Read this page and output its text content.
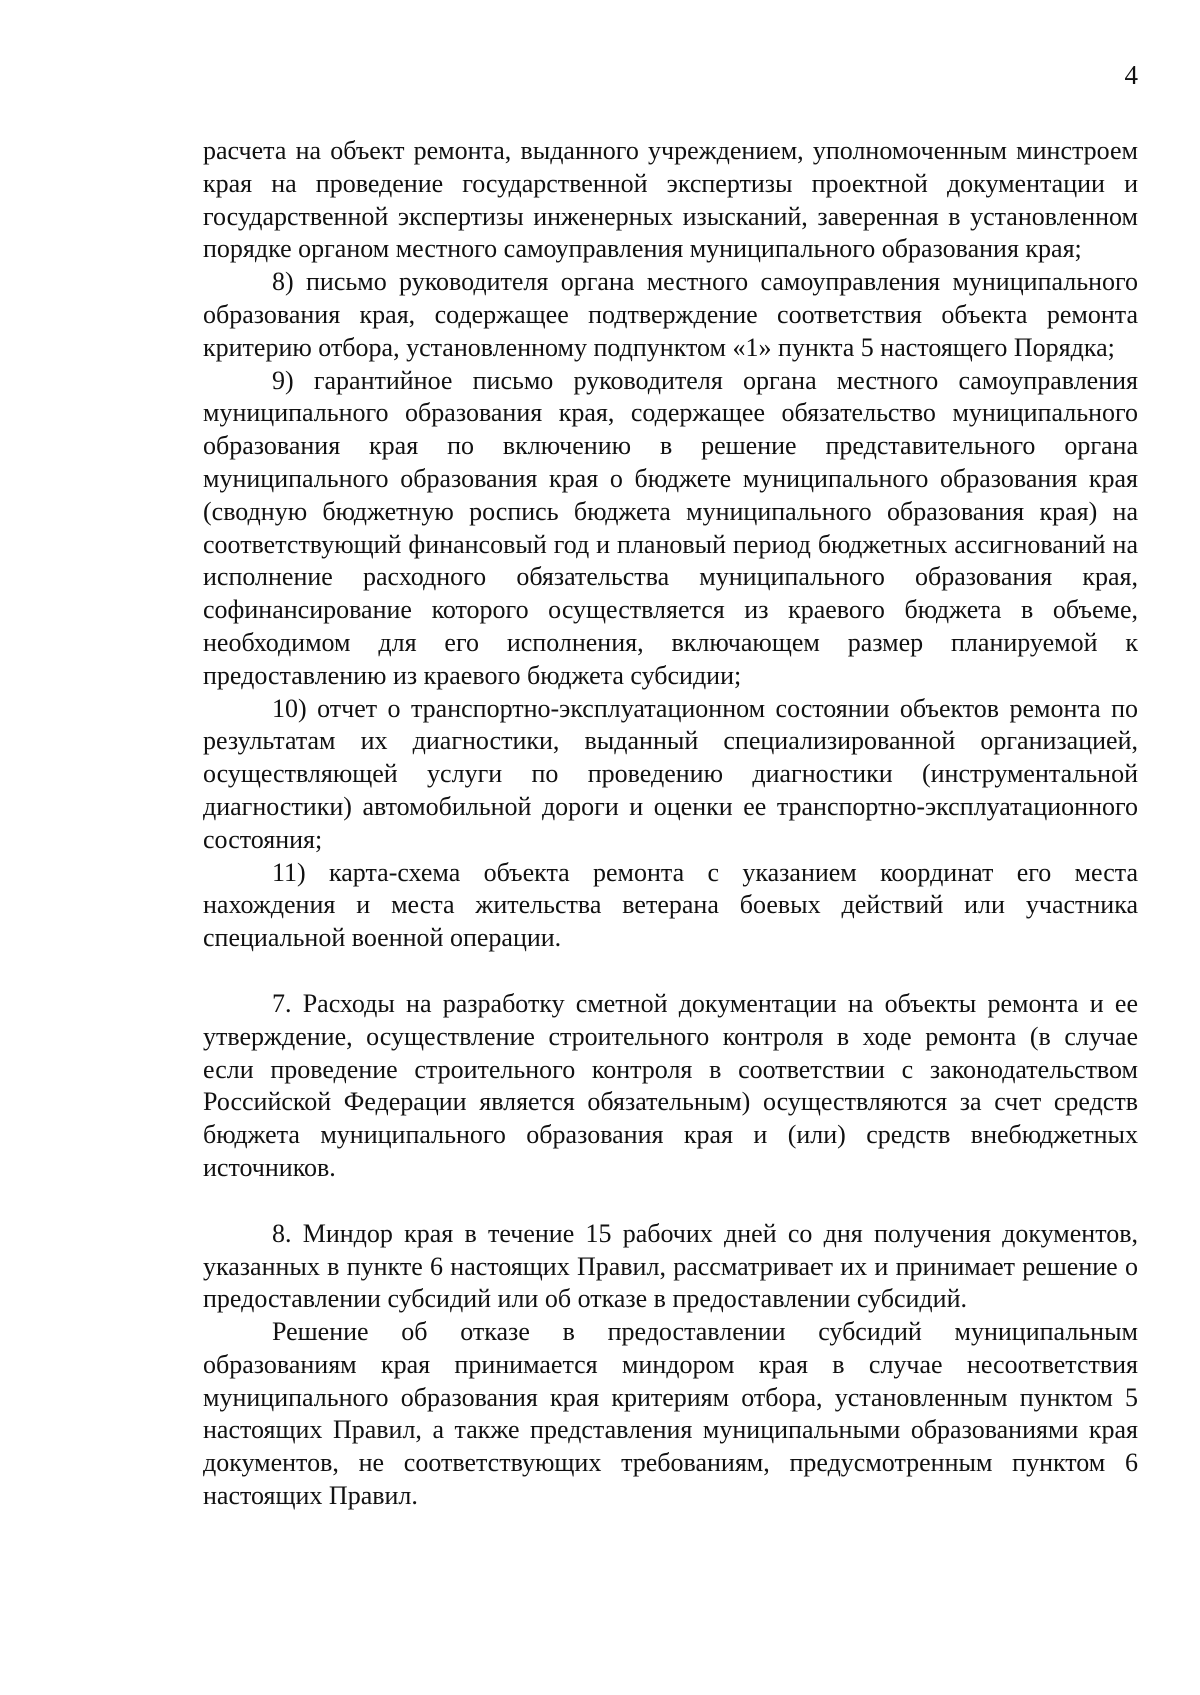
4

расчета на объект ремонта, выданного учреждением, уполномоченным минстроем края на проведение государственной экспертизы проектной документации и государственной экспертизы инженерных изысканий, заверенная в установленном порядке органом местного самоуправления муниципального образования края;

8) письмо руководителя органа местного самоуправления муниципального образования края, содержащее подтверждение соответствия объекта ремонта критерию отбора, установленному подпунктом «1» пункта 5 настоящего Порядка;

9) гарантийное письмо руководителя органа местного самоуправления муниципального образования края, содержащее обязательство муниципального образования края по включению в решение представительного органа муниципального образования края о бюджете муниципального образования края (сводную бюджетную роспись бюджета муниципального образования края) на соответствующий финансовый год и плановый период бюджетных ассигнований на исполнение расходного обязательства муниципального образования края, софинансирование которого осуществляется из краевого бюджета в объеме, необходимом для его исполнения, включающем размер планируемой к предоставлению из краевого бюджета субсидии;

10) отчет о транспортно-эксплуатационном состоянии объектов ремонта по результатам их диагностики, выданный специализированной организацией, осуществляющей услуги по проведению диагностики (инструментальной диагностики) автомобильной дороги и оценки ее транспортно-эксплуатационного состояния;

11) карта-схема объекта ремонта с указанием координат его места нахождения и места жительства ветерана боевых действий или участника специальной военной операции.

7. Расходы на разработку сметной документации на объекты ремонта и ее утверждение, осуществление строительного контроля в ходе ремонта (в случае если проведение строительного контроля в соответствии с законодательством Российской Федерации является обязательным) осуществляются за счет средств бюджета муниципального образования края и (или) средств внебюджетных источников.

8. Миндор края в течение 15 рабочих дней со дня получения документов, указанных в пункте 6 настоящих Правил, рассматривает их и принимает решение о предоставлении субсидий или об отказе в предоставлении субсидий.

Решение об отказе в предоставлении субсидий муниципальным образованиям края принимается миндором края в случае несоответствия муниципального образования края критериям отбора, установленным пунктом 5 настоящих Правил, а также представления муниципальными образованиями края документов, не соответствующих требованиям, предусмотренным пунктом 6 настоящих Правил.
